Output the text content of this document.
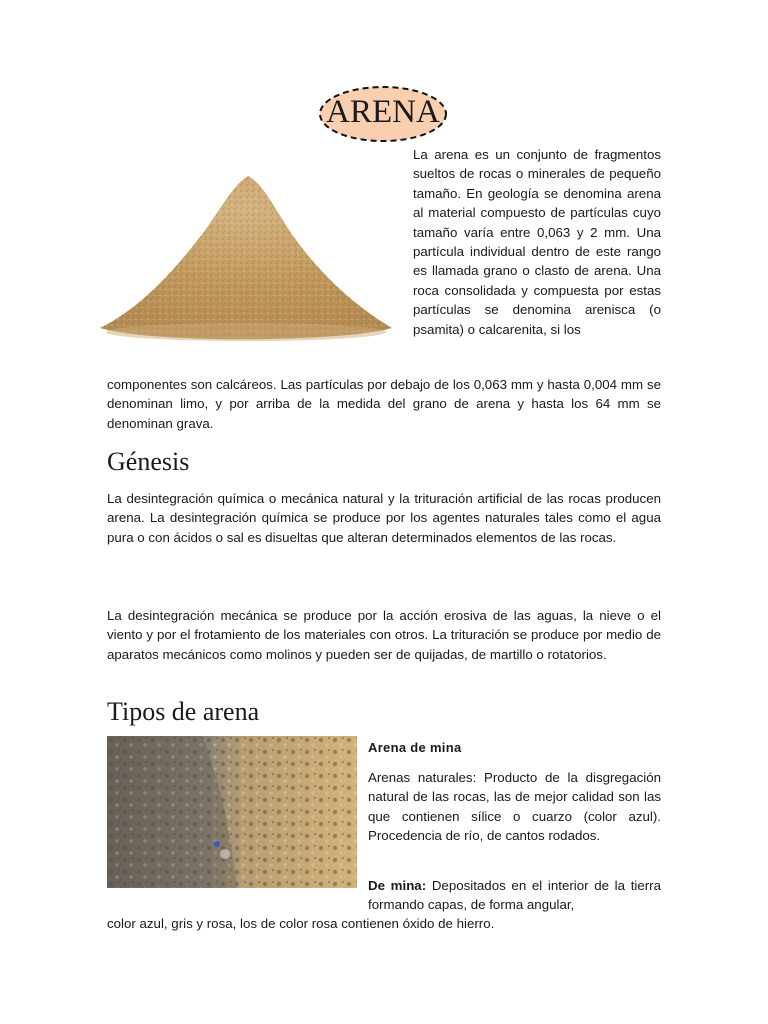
ARENA

La arena es un conjunto de fragmentos sueltos de rocas o minerales de pequeño tamaño. En geología se denomina arena al material compuesto de partículas cuyo tamaño varía entre 0,063 y 2 mm. Una partícula individual dentro de este rango es llamada grano o clasto de arena. Una roca consolidada y compuesta por estas partículas se denomina arenisca (o psamita) o calcarenita, si los

componentes son calcáreos. Las partículas por debajo de los 0,063 mm y hasta 0,004 mm se denominan limo, y por arriba de la medida del grano de arena y hasta los 64 mm se denominan grava.

Génesis

La desintegración química o mecánica natural y la trituración artificial de las rocas producen arena. La desintegración química se produce por los agentes naturales tales como el agua pura o con ácidos o sal es disueltas que alteran determinados elementos de las rocas.

La desintegración mecánica se produce por la acción erosiva de las aguas, la nieve o el viento y por el frotamiento de los materiales con otros. La trituración se produce por medio de aparatos mecánicos como molinos y pueden ser de quijadas, de martillo o rotatorios.

Tipos de arena
Arena de mina

Arenas naturales: Producto de la disgregación natural de las rocas, las de mejor calidad son las que contienen sílice o cuarzo (color azul). Procedencia de río, de cantos rodados.

De mina: Depositados en el interior de la tierra formando capas, de forma angular,

color azul, gris y rosa, los de color rosa contienen óxido de hierro.
